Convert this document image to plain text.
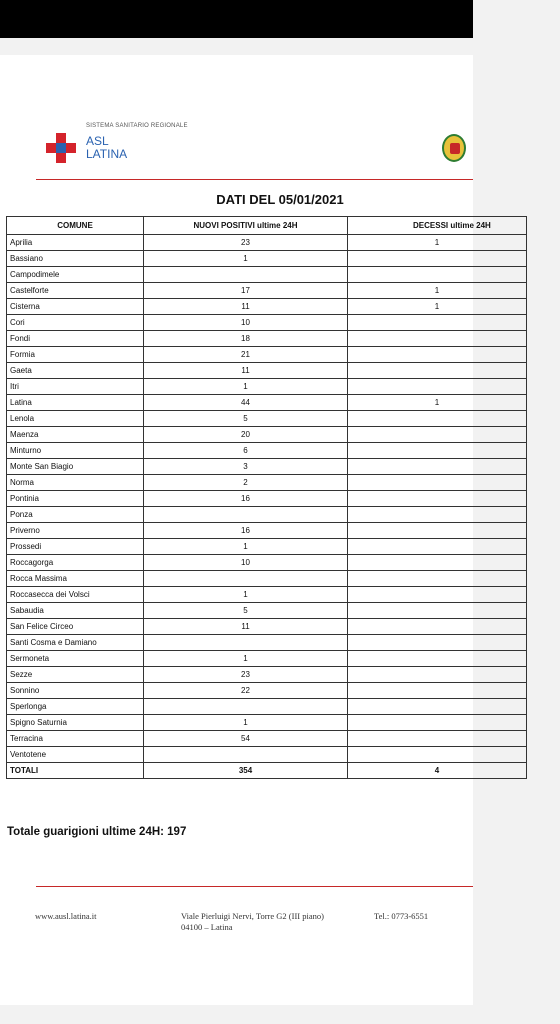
SISTEMA SANITARIO REGIONALE
ASL
LATINA
DATI DEL 05/01/2021
COMUNE	NUOVI POSITIVI ultime 24H	DECESSI ultime 24H
Aprilia	23	1
Bassiano	1	
Campodimele		
Castelforte	17	1
Cisterna	11	1
Cori	10	
Fondi	18	
Formia	21	
Gaeta	11	
Itri	1	
Latina	44	1
Lenola	5	
Maenza	20	
Minturno	6	
Monte San Biagio	3	
Norma	2	
Pontinia	16	
Ponza		
Priverno	16	
Prossedi	1	
Roccagorga	10	
Rocca Massima		
Roccasecca dei Volsci	1	
Sabaudia	5	
San Felice Circeo	11	
Santi Cosma e Damiano		
Sermoneta	1	
Sezze	23	
Sonnino	22	
Sperlonga		
Spigno Saturnia	1	
Terracina	54	
Ventotene		
TOTALI	354	4
Totale guarigioni ultime 24H: 197
www.ausl.latina.it	Viale Pierluigi Nervi, Torre G2 (III piano)
04100 – Latina
Tel.: 0773-6551
